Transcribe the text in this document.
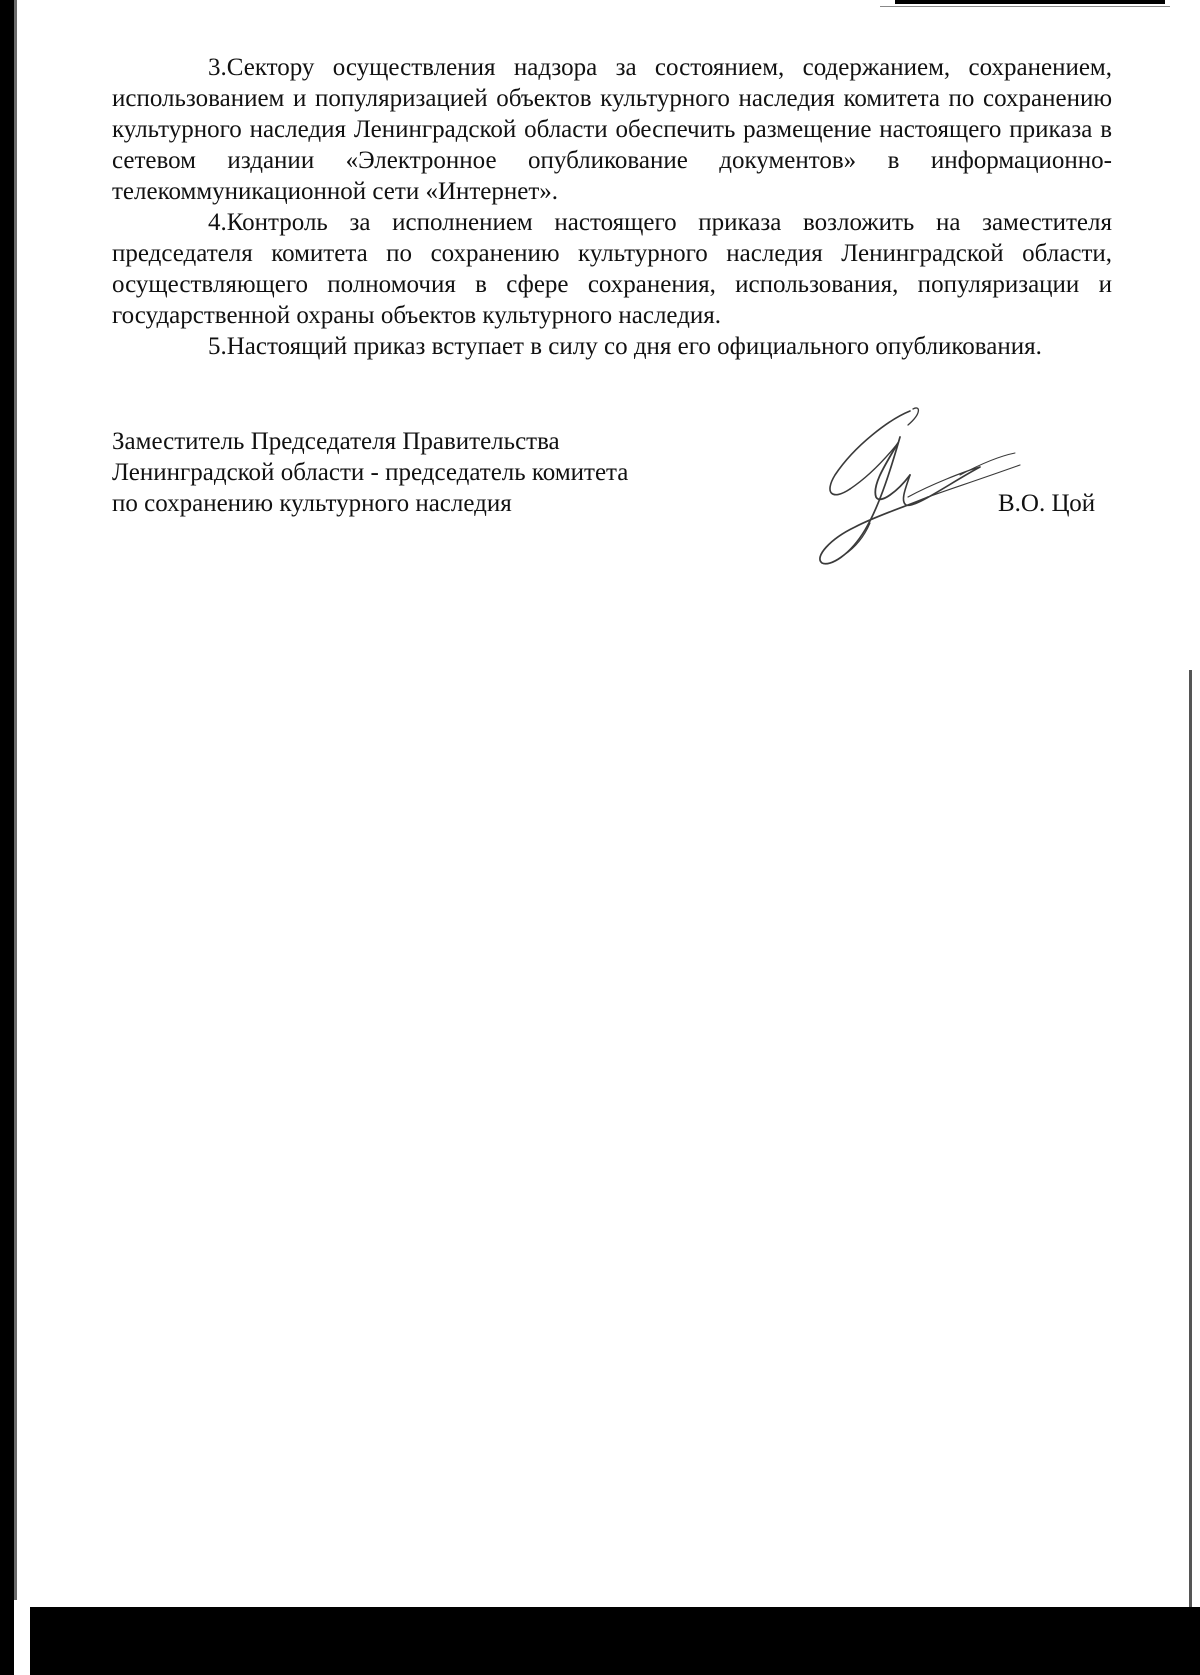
3.Сектору осуществления надзора за состоянием, содержанием, сохранением, использованием и популяризацией объектов культурного наследия комитета по сохранению культурного наследия Ленинградской области обеспечить размещение настоящего приказа в сетевом издании «Электронное опубликование документов» в информационно-телекоммуникационной сети «Интернет».

4.Контроль за исполнением настоящего приказа возложить на заместителя председателя комитета по сохранению культурного наследия Ленинградской области, осуществляющего полномочия в сфере сохранения, использования, популяризации и государственной охраны объектов культурного наследия.

5.Настоящий приказ вступает в силу со дня его официального опубликования.

Заместитель Председателя Правительства
Ленинградской области - председатель комитета
по сохранению культурного наследия	В.О. Цой
